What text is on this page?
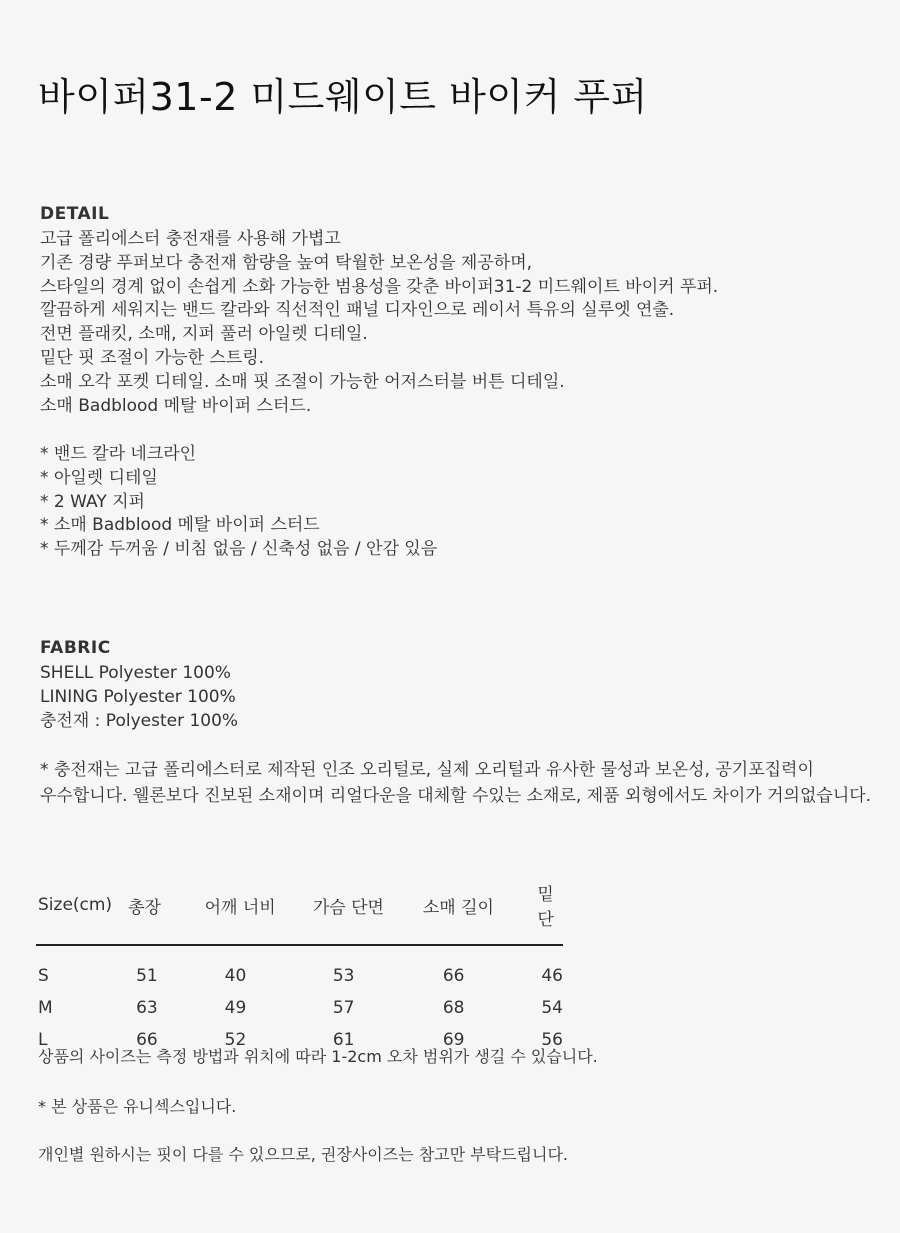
바이퍼31-2 미드웨이트 바이커 푸퍼
DETAIL
고급 폴리에스터 충전재를 사용해 가볍고
기존 경량 푸퍼보다 충전재 함량을 높여 탁월한 보온성을 제공하며,
스타일의 경계 없이 손쉽게 소화 가능한 범용성을 갖춘 바이퍼31-2 미드웨이트 바이커 푸퍼.
깔끔하게 세워지는 밴드 칼라와 직선적인 패널 디자인으로 레이서 특유의 실루엣 연출.
전면 플래킷, 소매, 지퍼 풀러 아일렛 디테일.
밑단 핏 조절이 가능한 스트링.
소매 오각 포켓 디테일. 소매 핏 조절이 가능한 어저스터블 버튼 디테일.
소매 Badblood 메탈 바이퍼 스터드.
* 밴드 칼라 네크라인
* 아일렛 디테일
* 2 WAY 지퍼
* 소매 Badblood 메탈 바이퍼 스터드
* 두께감 두꺼움 / 비침 없음 / 신축성 없음 / 안감 있음
FABRIC
SHELL Polyester 100%
LINING Polyester 100%
충전재 : Polyester 100%
* 충전재는 고급 폴리에스터로 제작된 인조 오리털로, 실제 오리털과 유사한 물성과 보온성, 공기포집력이
우수합니다. 웰론보다 진보된 소재이며 리얼다운을 대체할 수있는 소재로, 제품 외형에서도 차이가 거의없습니다.
Size(cm)	총장	어깨 너비	가슴 단면	소매 길이	밑단
S	51	40	53	66	46
M	63	49	57	68	54
L	66	52	61	69	56
상품의 사이즈는 측정 방법과 위치에 따라 1-2cm 오차 범위가 생길 수 있습니다.
* 본 상품은 유니섹스입니다.
개인별 원하시는 핏이 다를 수 있으므로, 권장사이즈는 참고만 부탁드립니다.
